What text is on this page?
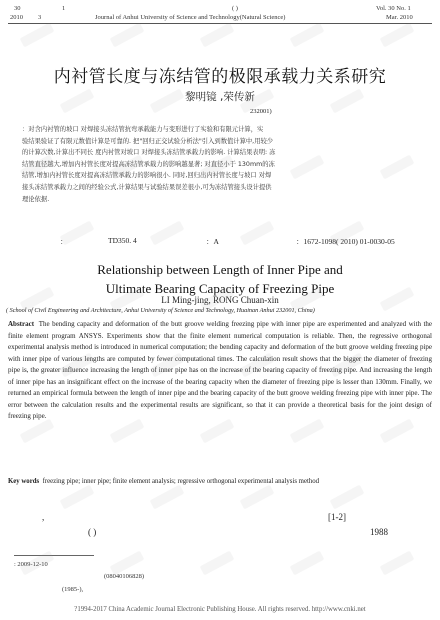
30	1	( )	Vol. 30 No. 1
2010 3	Journal of Anhui University of Science and Technology(Natural Science)	Mar. 2010
内衬管长度与冻结管的极限承载力关系研究
黎明镜 ,荣传新
232001)
：对含内衬管的坡口 对焊接头冻结管抗弯承载能力与变形进行了实验和有限元计算，实
验结果验证了有限元数值计算是可靠的. 把"回归正交试验分析法"引入到数值计算中,用较少
的计算次数,计算出不同长 度内衬管对坡口 对焊接头冻结管承载力的影响. 计算结果表明: 冻
结管直径越大,增加内衬管长度对提高冻结管承载力的影响越显著; 对直径小于 130mm的冻
结管,增加内衬管长度对提高冻结管承载力的影响很小. 同时,回归出内衬管长度与坡口 对焊
接头冻结管承载力之间的经验公式,计算结果与试验结果误差很小,可为冻结管接头设计提供
理论依据.
：	TD350. 4	：A	：1672-1098( 2010) 01-0030-05
Relationship between Length of Inner Pipe and
Ultimate Bearing Capacity of Freezing Pipe
LI Ming-jing, RONG Chuan-xin
( School of Civil Engineering and Architecture, Anhui University of Science and Technology, Huainan Anhui 232001, China)
Abstract The bending capacity and deformation of the butt groove welding freezing pipe with inner pipe are experimented and analyzed with the finite element program ANSYS. Experiments show that the finite element numerical computation is reliable. Then, the regressive orthogonal experimental analysis method is introduced in numerical computation; the bending capacity and deformation of the butt groove welding freezing pipe with inner pipe of various lengths are computed by fewer computational times. The calculation result shows that the bigger the diameter of freezing pipe is, the greater influence increasing the length of inner pipe has on the increase of the bearing capacity of freezing pipe. And increasing the length of inner pipe has an insignificant effect on the increase of the bearing capacity when the diameter of freezing pipe is lesser than 130mm. Finally, we returned an empirical formula between the length of inner pipe and the bearing capacity of the butt groove welding freezing pipe with inner pipe. The error between the calculation results and the experimental results are significant, so that it can provide a theoretical basis for the joint design of freezing pipe.
Key words freezing pipe; inner pipe; finite element analysis; regressive orthogonal experimental analysis method
( )
[1-2]
,
1988
: 2009-12-10
(08040106828)
(1985-),
?1994-2017 China Academic Journal Electronic Publishing House. All rights reserved. http://www.cnki.net
